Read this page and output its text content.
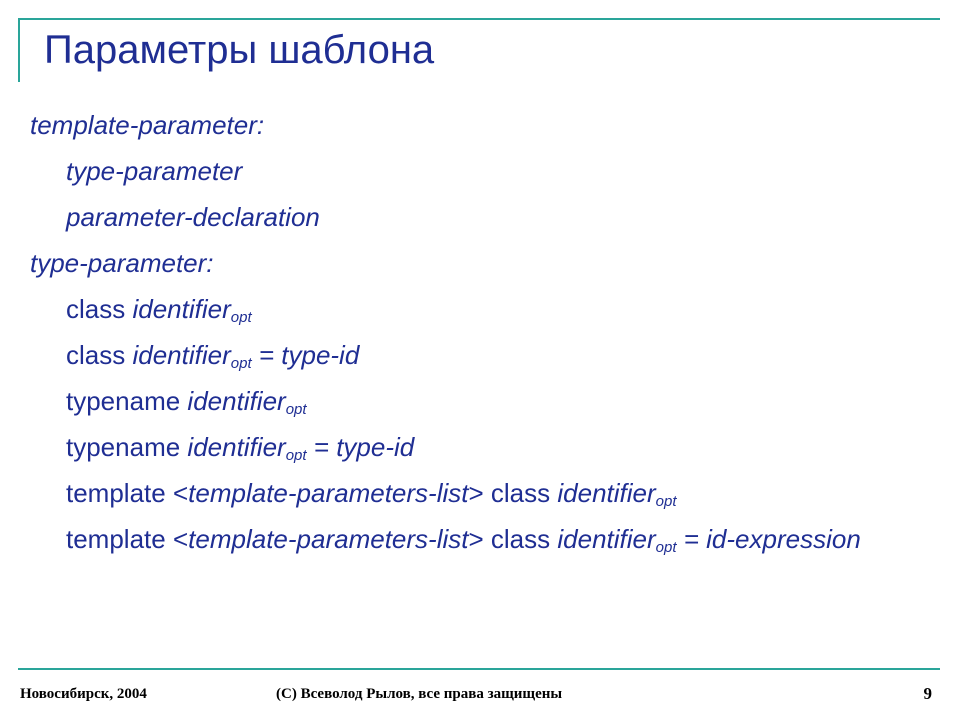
Параметры шаблона
template-parameter:
type-parameter
parameter-declaration
type-parameter:
class identifier$_{opt}$
class identifier$_{opt}$ = type-id
typename identifier$_{opt}$
typename identifier$_{opt}$ = type-id
template <template-parameters-list> class identifier$_{opt}$
template <template-parameters-list> class identifier$_{opt}$ = id-expression
Новосибирск, 2004	(С) Всеволод Рылов, все права защищены	9
